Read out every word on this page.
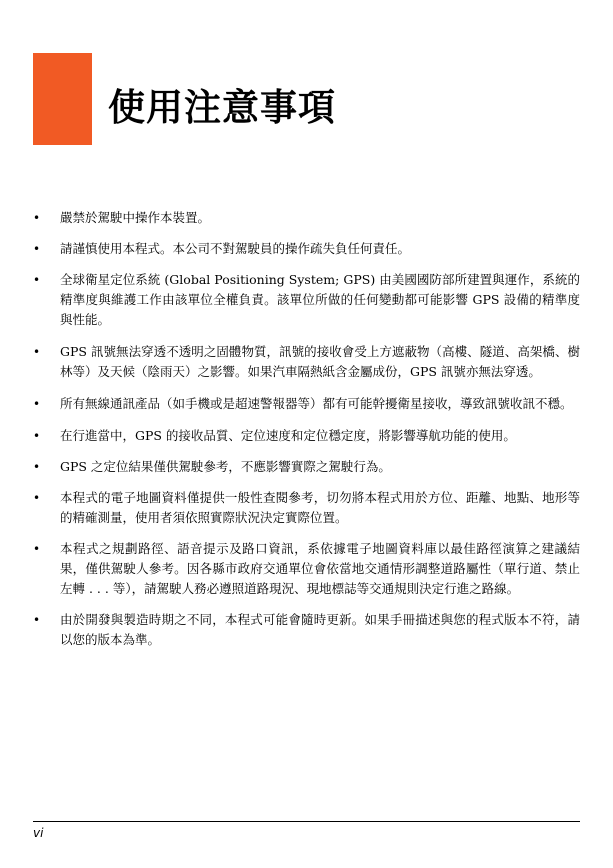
使用注意事項
• 嚴禁於駕駛中操作本裝置。
• 請謹慎使用本程式。本公司不對駕駛員的操作疏失負任何責任。
• 全球衛星定位系統 (Global Positioning System; GPS) 由美國國防部所建置與運作，系統的精準度與維護工作由該單位全權負責。該單位所做的任何變動都可能影響 GPS 設備的精準度與性能。
• GPS 訊號無法穿透不透明之固體物質，訊號的接收會受上方遮蔽物（高樓、隧道、高架橋、樹林等）及天候（陰雨天）之影響。如果汽車隔熱紙含金屬成份，GPS 訊號亦無法穿透。
• 所有無線通訊產品（如手機或是超速警報器等）都有可能幹擾衛星接收，導致訊號收訊不穩。
• 在行進當中，GPS 的接收品質、定位速度和定位穩定度，將影響導航功能的使用。
• GPS 之定位結果僅供駕駛參考，不應影響實際之駕駛行為。
• 本程式的電子地圖資料僅提供一般性查閱參考，切勿將本程式用於方位、距離、地點、地形等的精確測量，使用者須依照實際狀況決定實際位置。
• 本程式之規劃路徑、語音提示及路口資訊，系依據電子地圖資料庫以最佳路徑演算之建議結果，僅供駕駛人參考。因各縣市政府交通單位會依當地交通情形調整道路屬性（單行道、禁止左轉 . . . 等），請駕駛人務必遵照道路現況、現地標誌等交通規則決定行進之路線。
• 由於開發與製造時期之不同，本程式可能會隨時更新。如果手冊描述與您的程式版本不符，請以您的版本為準。
vi
